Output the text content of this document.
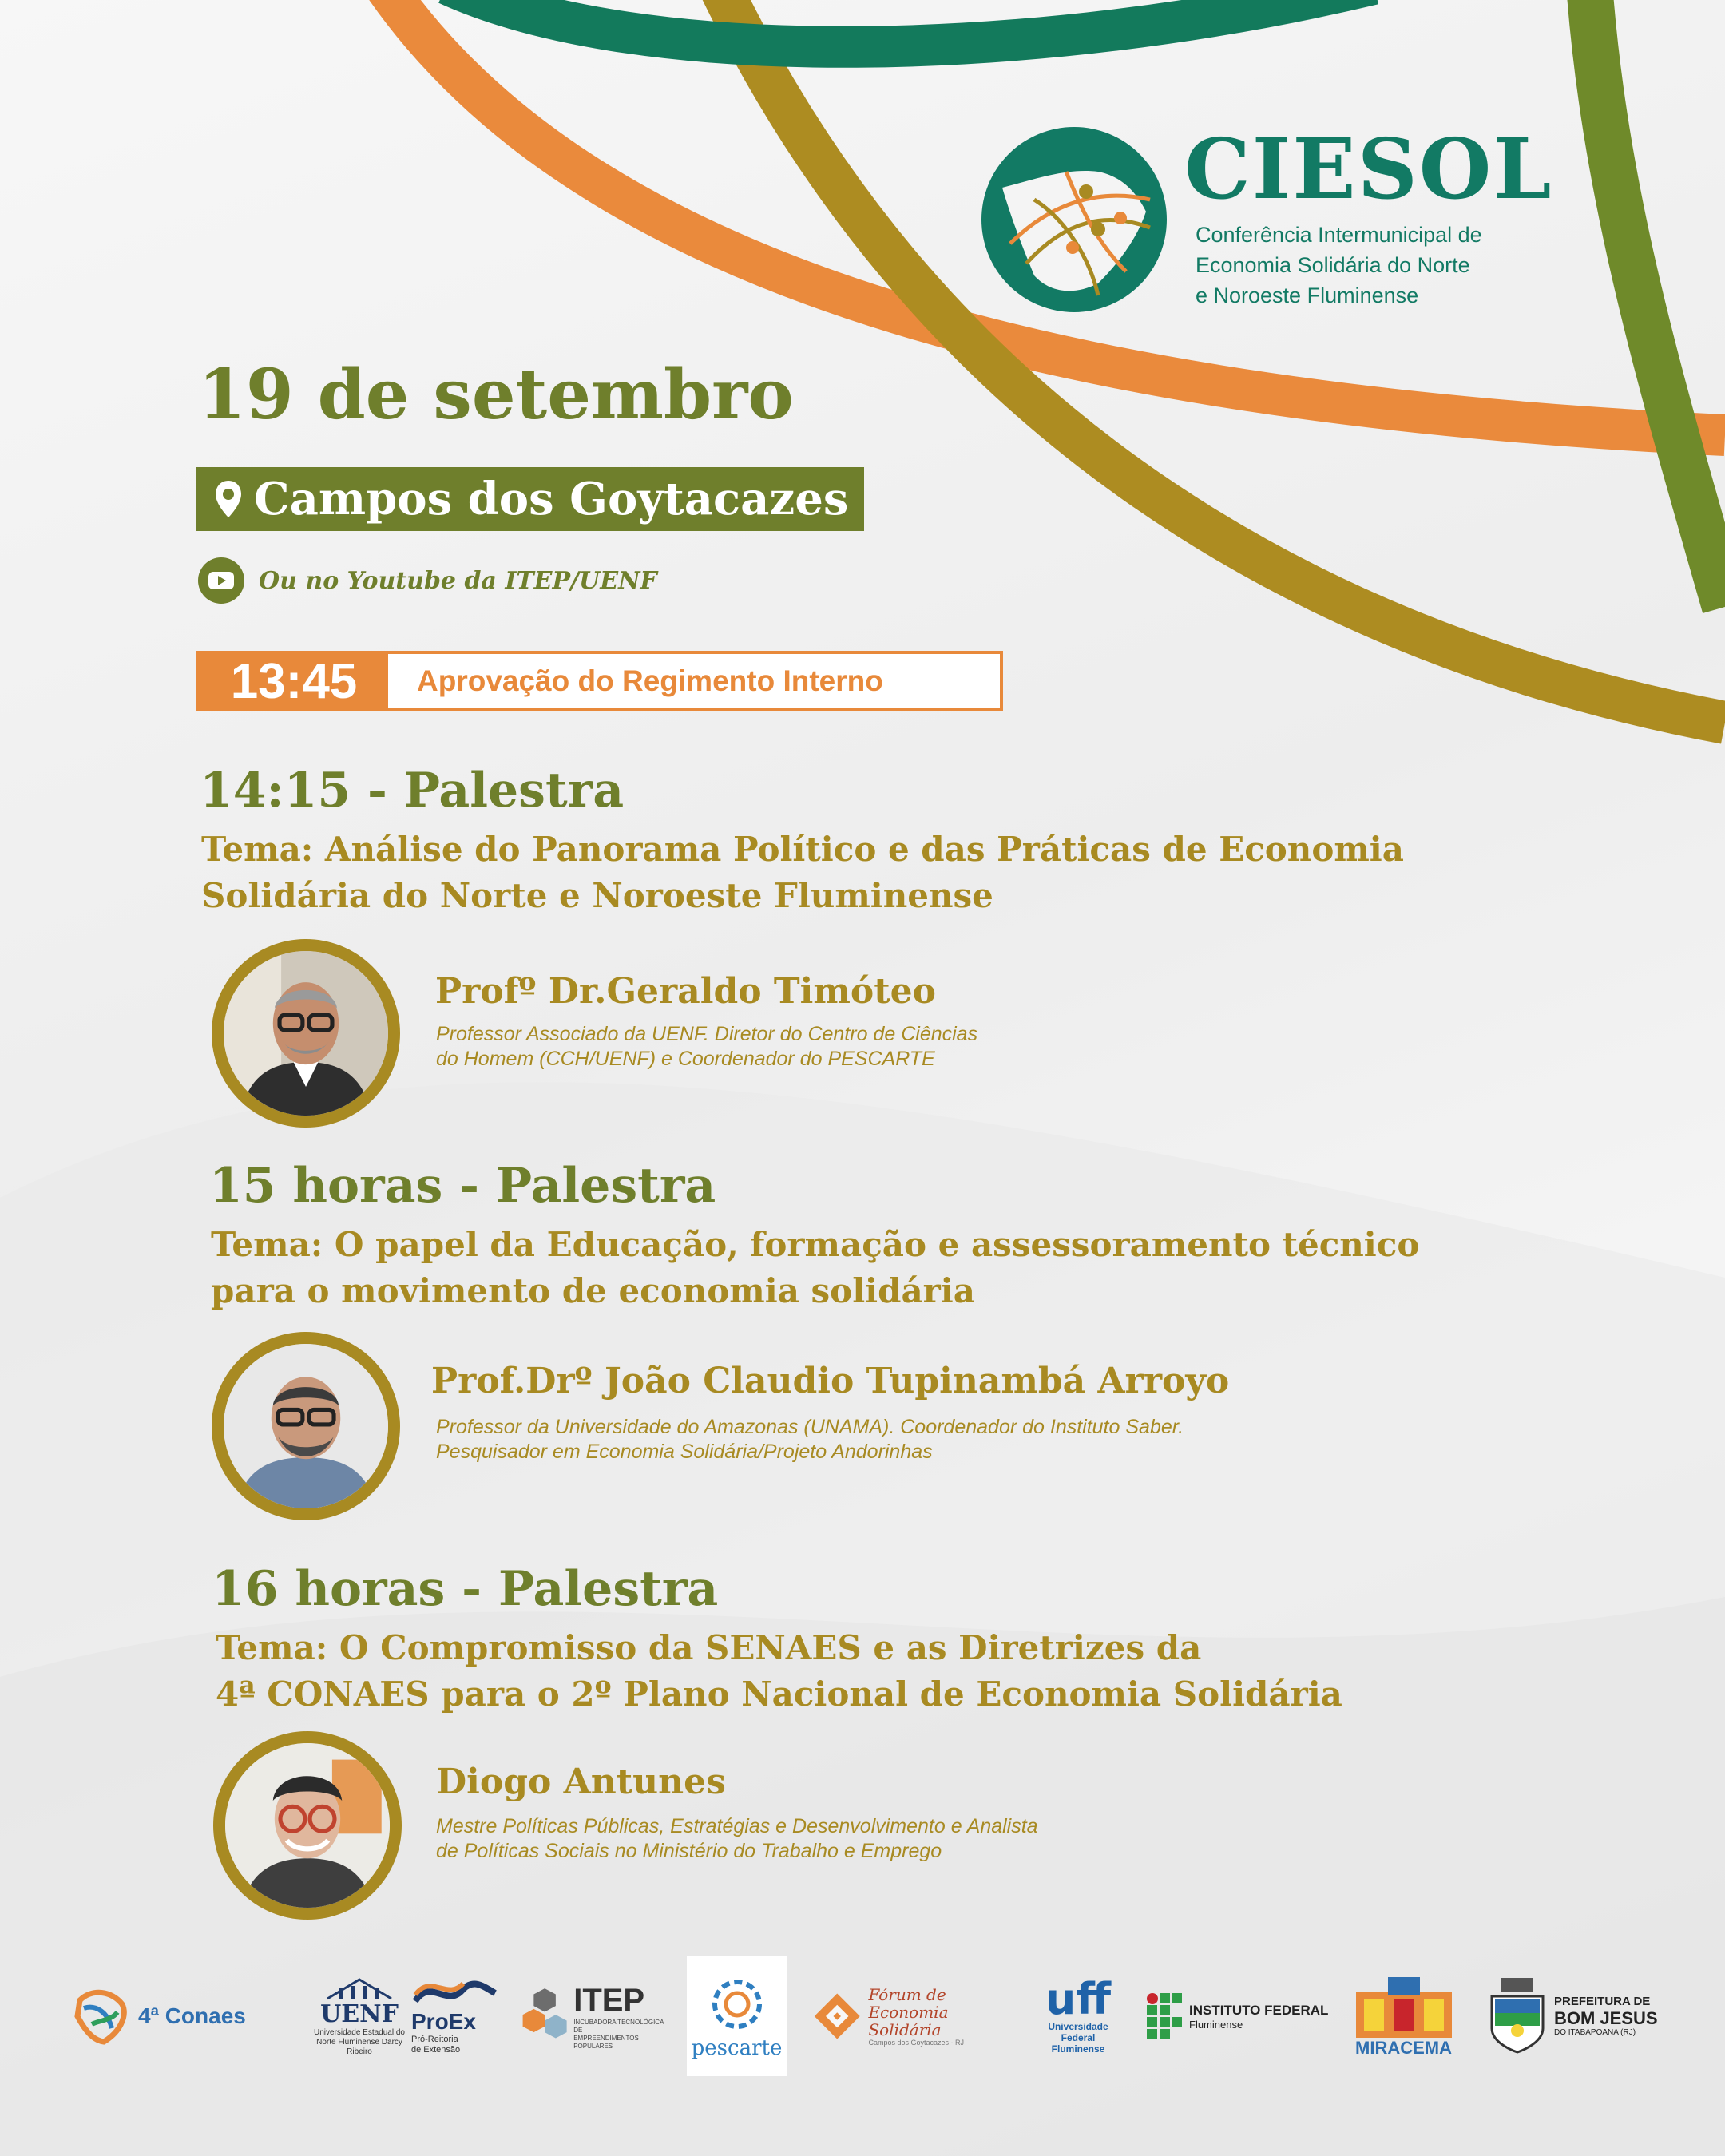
CIESOL
Conferência Intermunicipal de
Economia Solidária do Norte
e Noroeste Fluminense
19 de setembro
Campos dos Goytacazes
Ou no Youtube da ITEP/UENF
13:45	Aprovação do Regimento Interno
14:15 - Palestra
Tema: Análise do Panorama Político e das Práticas de Economia
Solidária do Norte e Noroeste Fluminense
Profº Dr.Geraldo Timóteo
Professor Associado da UENF. Diretor do Centro de Ciências
do Homem (CCH/UENF) e Coordenador do PESCARTE
15 horas - Palestra
Tema: O papel da Educação, formação e assessoramento técnico
para o movimento de economia solidária
Prof.Drº João Claudio Tupinambá Arroyo
Professor da Universidade do Amazonas (UNAMA). Coordenador do Instituto Saber.
Pesquisador em Economia Solidária/Projeto Andorinhas
16 horas - Palestra
Tema: O Compromisso da SENAES e as Diretrizes da
4ª CONAES para o 2º Plano Nacional de Economia Solidária
Diogo Antunes
Mestre Políticas Públicas, Estratégias e Desenvolvimento e Analista
de Políticas Sociais no Ministério do Trabalho e Emprego
4ª Conaes	UENF
Universidade Estadual do
Norte Fluminense Darcy Ribeiro
ProEx
Pró-Reitoria
de Extensão
ITEP
INCUBADORA TECNOLÓGICA DE
EMPREENDIMENTOS POPULARES	pescarte
Fórum de
Economia Solidária
Campos dos Goytacazes - RJ
uff
Universidade
Federal
Fluminense
INSTITUTO FEDERAL
Fluminense
MIRACEMA
PREFEITURA DE
BOM JESUS
DO ITABAPOANA (RJ)
